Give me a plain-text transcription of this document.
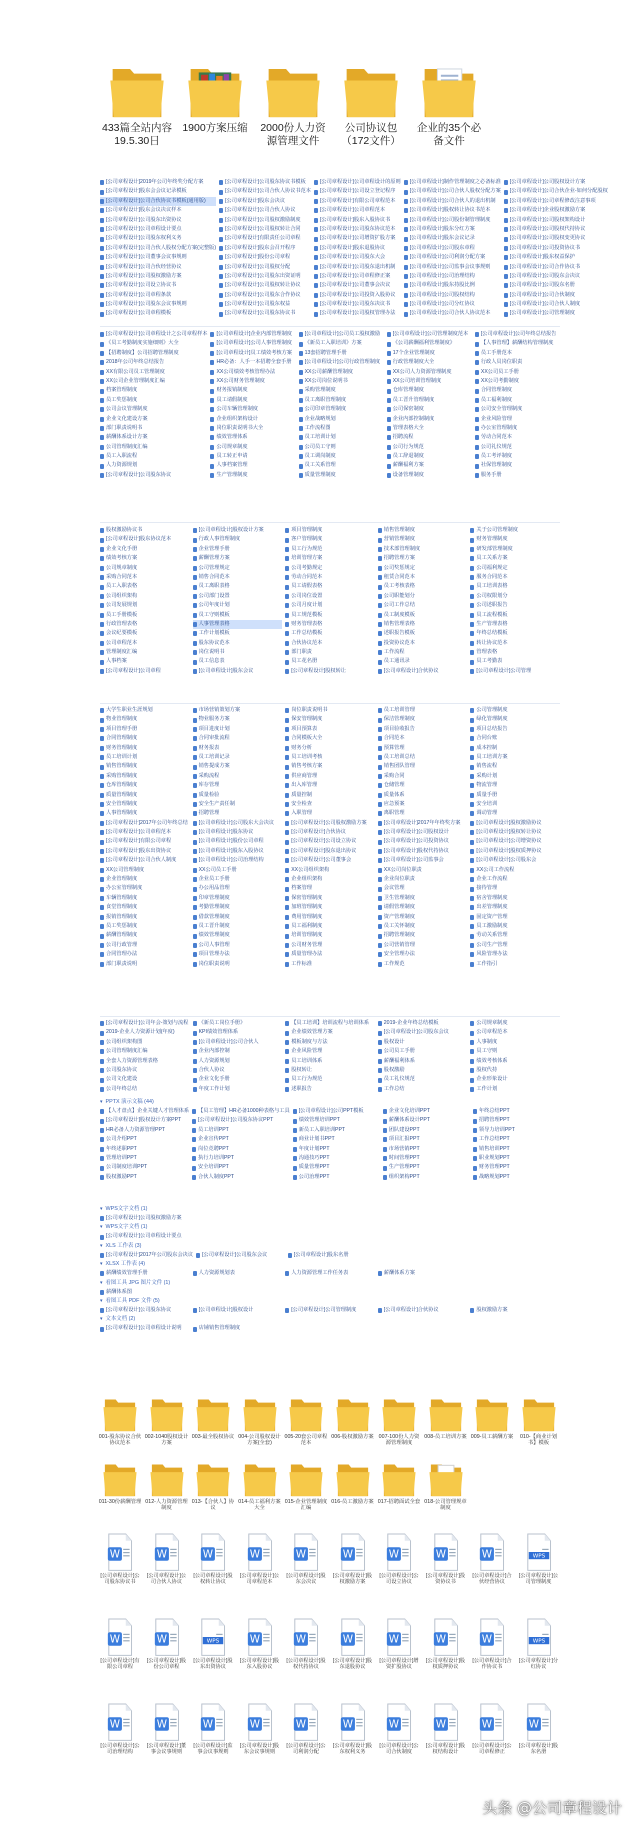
433篇全站内容19.5.30日
1900方案压缩	2000份人力资源管理文件
公司协议包（172文件）
企业的35个必备文件
[公司章程设计]2019年公司年终奖分配方案	[公司章程设计]公司股东协议书模板	[公司章程设计]公司章程设计的原则 [公司章程设计]制作管理制度之必备标准 [公司章程设计]公司股权设计方案
[公司章程设计]股东会会议记录模板	[公司章程设计]公司合伙人协议书范本 [公司章程设计]公司设立登记程序	[公司章程设计]公司合伙人股权分配方案 [公司章程设计]公司合伙企业-如何分配股权
[公司章程设计]公司合伙协议书模板(通用版)	[公司章程设计]股东会决议	[公司章程设计]有限公司章程范本	[公司章程设计]公司合伙人的退出机制	[公司章程设计]公司章程修改注意事项
[公司章程设计]股东会议决议样本	[公司章程设计]公司合伙人协议	[公司章程设计]公司章程范本	[公司章程设计]股权转让协议书范本	[公司章程设计]企业股权激励方案
[公司章程设计]公司股东出资协议	[公司章程设计]公司股权激励制度	[公司章程设计]股东入股协议书	[公司章程设计]公司股份制管理制度	[公司章程设计]公司股权架构设计
[公司章程设计]公司章程设计要点	[公司章程设计]公司股权转让合同	[公司章程设计]公司股东协议范本	[公司章程设计]股东分红方案	[公司章程设计]公司股权代持协议
[公司章程设计]公司股东权利义务	[公司章程设计]有限责任公司章程	[公司章程设计]公司增资扩股方案	[公司章程设计]股东会议记录	[公司章程设计]公司股权变更协议
[公司章程设计]公司合伙人股权分配方案(完整版) [公司章程设计]股东会召开程序	[公司章程设计]股东退股协议	[公司章程设计]公司股东章程	[公司章程设计]公司投资协议书
[公司章程设计]公司董事会议事规则	[公司章程设计]股份公司章程	[公司章程设计]公司股东大会	[公司章程设计]公司利润分配方案	[公司章程设计]股东权益保护
[公司章程设计]公司合伙经营协议	[公司章程设计]公司股权分配	[公司章程设计]公司股东退出机制	[公司章程设计]公司监事会议事规则	[公司章程设计]公司合作协议书
[公司章程设计]公司股权激励方案	[公司章程设计]公司股东出资证明	[公司章程设计]公司章程修正案	[公司章程设计]公司治理结构	[公司章程设计]公司股东会决议
[公司章程设计]公司设立协议书	[公司章程设计]公司股权转让协议	[公司章程设计]公司董事会决议	[公司章程设计]股东持股比例	[公司章程设计]公司股东名册
[公司章程设计]公司章程条款	[公司章程设计]公司股东合作协议	[公司章程设计]公司投资入股协议	[公司章程设计]公司股权结构	[公司章程设计]公司合伙制度
[公司章程设计]公司股东会议事规则	[公司章程设计]公司股东权益	[公司章程设计]公司股东决议书	[公司章程设计]公司分红协议	[公司章程设计]公司合伙人制度
[公司章程设计]公司章程模板	[公司章程设计]公司股东协议书	[公司章程设计]公司股权管理办法	[公司章程设计]公司合伙人协议范本	[公司章程设计]公司管理制度
[公司章程设计]公司章程设计之公司章程样本 [公司章程设计]企业内部管理制度 [公司章程设计]公司员工股权激励 [公司章程设计]公司管理制度范本 [公司章程设计]公司年终总结报告
《员工考勤制度实施细则》大全	[公司章程设计]公司人事管理制度 《新员工入职培训》方案	《公司薪酬福利管理制度》	【人事管理】薪酬结构管理制度
【招聘制度】公司招聘管理制度	[公司章程设计]员工绩效考核方案 13套招聘管理手册	17个企业管理制度	员工手册范本
2018年公司年终总结报告	HR必备：人手一本招聘全套手册	[公司章程设计]公司行政管理制度 行政管理制度大全	行政人员岗位职责
XX有限公司员工管理制度	XX公司绩效考核管理办法	XX公司薪酬管理制度	XX公司人力资源管理制度	XX公司员工手册
XX公司企业管理制度汇编	XX公司财务管理制度	XX公司岗位说明书	XX公司培训管理制度	XX公司考勤制度
档案管理制度	财务报销制度	采购管理制度	仓库管理制度	合同管理制度
员工奖惩制度	员工请假制度	员工离职管理制度	员工晋升管理制度	员工福利制度
公司会议管理制度	公司车辆管理制度	公司印章管理制度	公司保密制度	公司安全管理制度
企业文化建设方案	企业组织架构设计	企业战略规划	企业内部控制制度	企业风险管理
部门职责说明书	岗位职责说明书大全	工作流程图	管理表格大全	办公室管理制度
薪酬体系设计方案	绩效管理体系	员工培训计划	招聘流程	劳动合同范本
公司管理制度汇编	公司规章制度	公司员工守则	公司行为规范	公司礼仪规范
员工入职流程	员工转正申请	员工调岗制度	员工辞退制度	员工考评制度
人力资源规划	人事档案管理	员工关系管理	薪酬福利方案	社保管理制度
[公司章程设计]公司股东协议	生产管理制度	质量管理制度	设备管理制度	服务手册
股权激励协议书	[公司章程设计]股权设计方案	项目管理制度	销售管理制度	关于公司管理制度
[公司章程设计]股东协议范本	行政人事管理制度	客户管理制度	营销管理制度	财务管理制度
企业文化手册	企业管理手册	员工行为规范	技术部管理制度	研发部管理制度
绩效考核方案	薪酬管理方案	培训管理方案	招聘管理方案	员工关系方案
公司规章制度	公司管理规定	公司考勤规定	公司奖惩规定	公司福利规定
采购合同范本	销售合同范本	劳动合同范本	租赁合同范本	服务合同范本
员工入职表格	员工离职表格	员工请假表格	员工考核表格	员工培训表格
公司组织架构	公司部门设置	公司岗位设置	公司职能划分	公司权限划分
公司发展规划	公司年度计划	公司月度计划	公司工作总结	公司述职报告
员工手册模板	员工守则模板	员工规范模板	员工制度模板	员工流程模板
行政管理表格	人事管理表格	财务管理表格	销售管理表格	生产管理表格
会议纪要模板	工作计划模板	工作总结模板	述职报告模板	年终总结模板
公司章程范本	股东协议范本	合伙协议范本	投资协议范本	转让协议范本
管理制度汇编	岗位说明书	部门职责	工作流程	管理表格
人事档案	员工信息表	员工花名册	员工通讯录	员工考勤表
[公司章程设计]公司章程	[公司章程设计]股东会议	[公司章程设计]股权转让	[公司章程设计]合伙协议	[公司章程设计]公司管理
大学生职业生涯规划	市场营销策划方案	岗位职责说明书	员工培训管理	公司管理制度
物业管理制度	物业服务方案	保安管理制度	保洁管理制度	绿化管理制度
项目管理手册	项目进度计划	项目预算表	项目验收报告	项目总结报告
合同管理制度	合同审批流程	合同模板大全	合同范本	合同台账
财务管理制度	财务报表	财务分析	预算管理	成本控制
员工培训计划	员工培训记录	员工培训考核	员工培训总结	员工培训方案
销售管理制度	销售提成方案	销售考核方案	销售团队管理	销售流程
采购管理制度	采购流程	供应商管理	采购合同	采购计划
仓库管理制度	库存管理	出入库管理	仓储管理	物流管理
质量管理制度	质量检验	质量控制	质量体系	质量手册
安全管理制度	安全生产责任制	安全检查	应急预案	安全培训
人事管理制度	招聘管理	入职管理	离职管理	调动管理
[公司章程设计]2017年公司年终总结 [公司章程设计]公司股东大会决议	[公司章程设计]公司股权激励方案	[公司章程设计]2017年年终奖方案	[公司章程设计]股权激励协议
[公司章程设计]公司章程范本	[公司章程设计]股东协议	[公司章程设计]合伙协议	[公司章程设计]公司股权设计	[公司章程设计]股权转让协议
[公司章程设计]有限公司章程	[公司章程设计]股份公司章程	[公司章程设计]公司设立协议	[公司章程设计]公司投资协议	[公司章程设计]公司增资协议
[公司章程设计]股东出资协议	[公司章程设计]股东入股协议	[公司章程设计]股东退出协议	[公司章程设计]股权代持协议	[公司章程设计]股权质押协议
[公司章程设计]公司合伙人制度	[公司章程设计]公司治理结构	[公司章程设计]公司董事会	[公司章程设计]公司监事会	[公司章程设计]公司股东会
XX公司管理制度	XX公司员工手册	XX公司组织架构	XX公司岗位职责	XX公司工作流程
企业管理制度	企业员工手册	企业组织架构	企业岗位职责	企业工作流程
办公室管理制度	办公用品管理	档案管理	会议管理	接待管理
车辆管理制度	印章管理制度	保密管理制度	卫生管理制度	宿舍管理制度
食堂管理制度	考勤管理制度	加班管理制度	请假管理制度	出差管理制度
报销管理制度	借款管理制度	费用管理制度	资产管理制度	固定资产管理
员工奖惩制度	员工晋升制度	员工福利制度	员工关怀制度	员工激励制度
薪酬管理制度	绩效管理制度	培训管理制度	招聘管理制度	劳动关系管理
公司行政管理	公司人事管理	公司财务管理	公司营销管理	公司生产管理
合同管理办法	项目管理办法	质量管理办法	安全管理办法	风险管理办法
部门职责说明	岗位职责说明	工作标准	工作规范	工作指引
[公司章程设计]公司年会-策划与流程 《新员工岗位手册》	【员工培训】培训流程与培训体系	2019-企业年终总结模板	公司规章制度
2019-企业人力资源计划(年度)	KPI绩效管理体系	企业绩效管理方案	[公司章程设计]公司股东会议	公司章程范本
公司组织架构图	[公司章程设计]公司合伙人	模板制度与方法	股权设计	人事制度
公司管理制度汇编	企业内部控制	企业风险管理	公司员工手册	员工守则
全套人力资源管理表格	人力资源规划	员工培训体系	薪酬福利体系	绩效考核体系
公司股东协议	合伙人协议	股权转让	股权激励	股权代持
公司文化建设	企业文化手册	员工行为规范	员工礼仪规范	企业形象设计
公司年终总结	年度工作计划	述职报告	工作总结	工作计划
▾ PPTX 演示文稿 (44)
【人才盘点】企业关键人才管理体系 【员工管理】HR必备1000种表格与工具 [公司章程设计]公司PPT模板	企业文化培训PPT	年终总结PPT
[公司章程设计]股权设计方案PPT	[公司章程设计]公司股东协议PPT	绩效管理培训PPT	薪酬体系设计PPT	招聘管理PPT
HR必备人力资源管理PPT	员工培训PPT	新员工入职培训PPT	团队建设PPT	领导力培训PPT
公司介绍PPT	企业宣传PPT	商业计划书PPT	项目汇报PPT	工作总结PPT
年终述职PPT	岗位竞聘PPT	年度计划PPT	市场营销PPT	销售培训PPT
管理培训PPT	执行力培训PPT	沟通技巧PPT	时间管理PPT	职业规划PPT
公司制度培训PPT	安全培训PPT	质量管理PPT	生产管理PPT	财务管理PPT
股权激励PPT	合伙人制度PPT	公司治理PPT	组织架构PPT	战略规划PPT
▾ WPS文字文档 (1)
[公司章程设计]公司股权激励方案
▾ WPS文字文档 (1)
[公司章程设计]公司章程设计要点
▾ XLS 工作表 (3)
[公司章程设计]2017年公司股东会决议 [公司章程设计]公司股东会议	[公司章程设计]股东名册
▾ XLSX 工作表 (4)
薪酬绩效管理手册	人力资源规划表	人力资源管理工作任务表	薪酬体系方案
▾ 看图工具 JPG 图片文件 (1)
薪酬体系图
▾ 看图工具 PDF 文件 (5)
[公司章程设计]公司股东协议	[公司章程设计]股权设计	[公司章程设计]公司管理制度	[公司章程设计]合伙协议	股权激励方案
▾ 文本文档 (2)
[公司章程设计]公司章程设计说明	店铺销售管理制度
001-股东协议合伙协议范本
002-1040股权设计方案
003-最全股权协议 004-公司股权设计方案(全套)
005-20套公司章程范本
006-股权激励方案 007-100份人力资源管理制度
008-员工培训方案 009-员工薪酬方案	010-【商业计划书】模板
011-30份薪酬管理 012-人力资源管理制度
013-【合伙人】协议
014-员工福利方案大全
015-企业管理制度汇编
016-员工激励方案 017-招聘面试全套 018-公司管理规章制度
W
[公司章程设计]公司股东协议书
W
[公司章程设计]公司合伙人协议
W
[公司章程设计]股权转让协议
W
[公司章程设计]公司章程范本
W
[公司章程设计]股东会决议
W
[公司章程设计]股权激励方案
W
[公司章程设计]公司设立协议
W
[公司章程设计]投资协议书
W
[公司章程设计]合伙经营协议
WPS
[公司章程设计]公司管理制度
W
[公司章程设计]有限公司章程
W
[公司章程设计]股份公司章程
WPS
[公司章程设计]股东出资协议
W
[公司章程设计]股东入股协议
W
[公司章程设计]股权代持协议
W
[公司章程设计]股东退股协议
W
[公司章程设计]增资扩股协议
W
[公司章程设计]股权质押协议
W
[公司章程设计]合作协议书
WPS
[公司章程设计]分红协议
W
[公司章程设计]公司治理结构
W
[公司章程设计]董事会议事规则
W
[公司章程设计]监事会议事规则
W
[公司章程设计]股东会议事规则
W
[公司章程设计]公司利润分配
W
[公司章程设计]股东权利义务
W
[公司章程设计]公司合伙制度
W
[公司章程设计]股权结构设计
W
[公司章程设计]公司章程修正
W
[公司章程设计]股东名册
头条 @公司章程设计
